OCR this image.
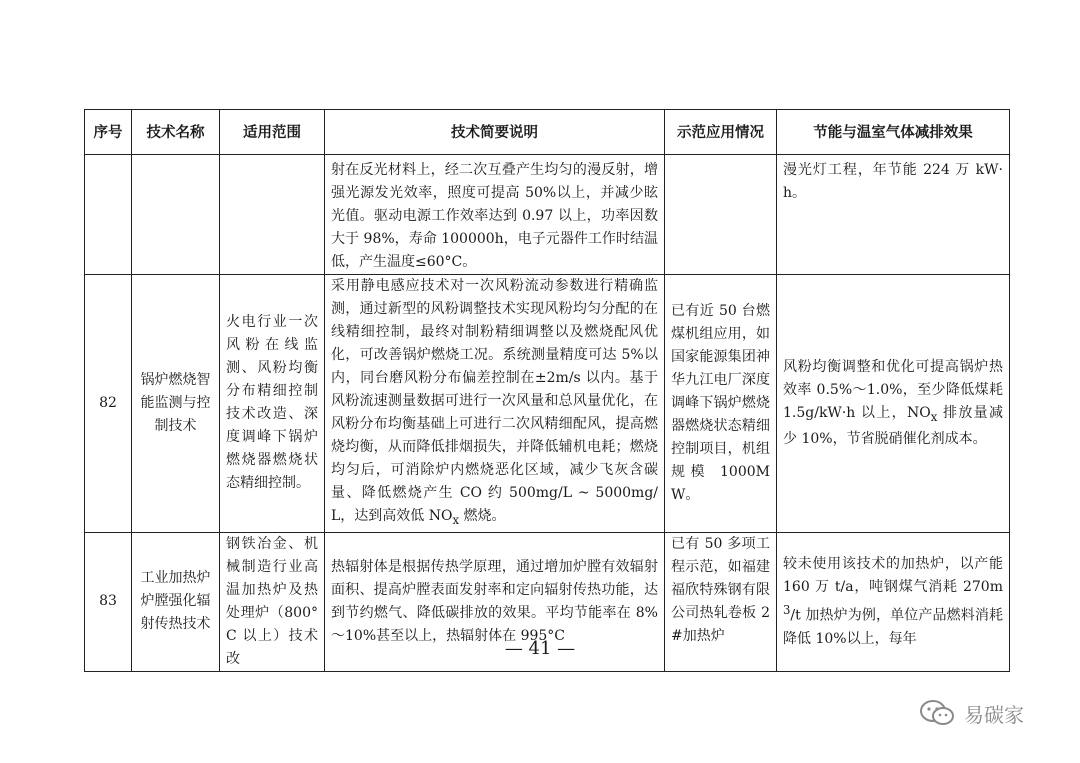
序号	技术名称	适用范围	技术简要说明	示范应用情况	节能与温室气体减排效果
			射在反光材料上，经二次互叠产生均匀的漫反射，增强光源发光效率，照度可提高 50%以上，并减少眩光值。驱动电源工作效率达到 0.97 以上，功率因数大于 98%，寿命 100000h，电子元器件工作时结温低，产生温度≤60°C。		漫光灯工程，年节能 224 万 kW·h。
82	锅炉燃烧智能监测与控制技术	火电行业一次风粉在线监测、风粉均衡分布精细控制技术改造、深度调峰下锅炉燃烧器燃烧状态精细控制。	采用静电感应技术对一次风粉流动参数进行精确监测，通过新型的风粉调整技术实现风粉均匀分配的在线精细控制，最终对制粉精细调整以及燃烧配风优化，可改善锅炉燃烧工况。系统测量精度可达 5%以内，同台磨风粉分布偏差控制在±2m/s 以内。基于风粉流速测量数据可进行一次风量和总风量优化，在风粉分布均衡基础上可进行二次风精细配风，提高燃烧均衡，从而降低排烟损失，并降低辅机电耗；燃烧均匀后，可消除炉内燃烧恶化区域，减少飞灰含碳量、降低燃烧产生 CO 约 500mg/L ~ 5000mg/L，达到高效低 $NO_x$ 燃烧。	已有近 50 台燃煤机组应用，如国家能源集团神华九江电厂深度调峰下锅炉燃烧器燃烧状态精细控制项目，机组规模 1000MW。	风粉均衡调整和优化可提高锅炉热效率 0.5%～1.0%，至少降低煤耗 1.5g/kW·h 以上，$NO_x$ 排放量减少 10%，节省脱硝催化剂成本。
83	工业加热炉炉膛强化辐射传热技术	钢铁冶金、机械制造行业高温加热炉及热处理炉（800°C 以上）技术改	热辐射体是根据传热学原理，通过增加炉膛有效辐射面积、提高炉膛表面发射率和定向辐射传热功能，达到节约燃气、降低碳排放的效果。平均节能率在 8%～10%甚至以上，热辐射体在 995°C	已有 50 多项工程示范，如福建福欣特殊钢有限公司热轧卷板 2#加热炉	较未使用该技术的加热炉，以产能 160 万 t/a，吨钢煤气消耗 $270m^3/t$ 加热炉为例，单位产品燃料消耗降低 10%以上，每年
— 41 —
易碳家
